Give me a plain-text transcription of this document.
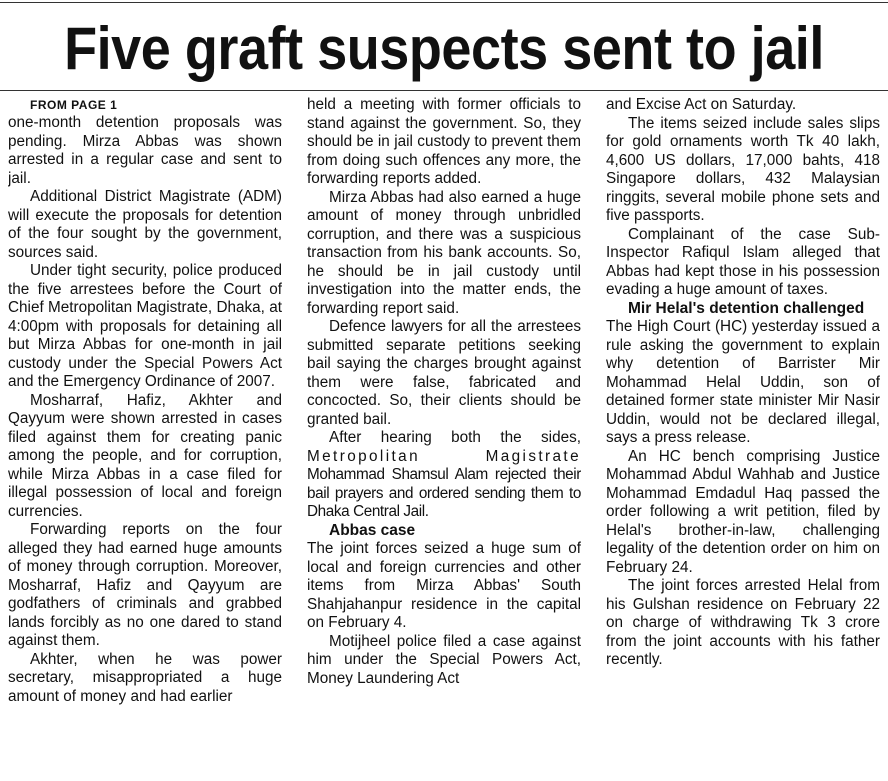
Five graft suspects sent to jail

FROM PAGE 1

one-month detention proposals was pending. Mirza Abbas was shown arrested in a regular case and sent to jail.

Additional District Magistrate (ADM) will execute the proposals for detention of the four sought by the government, sources said.

Under tight security, police produced the five arrestees before the Court of Chief Metropolitan Magistrate, Dhaka, at 4:00pm with proposals for detaining all but Mirza Abbas for one-month in jail custody under the Special Powers Act and the Emergency Ordinance of 2007.

Mosharraf, Hafiz, Akhter and Qayyum were shown arrested in cases filed against them for creating panic among the people, and for corruption, while Mirza Abbas in a case filed for illegal possession of local and foreign currencies.

Forwarding reports on the four alleged they had earned huge amounts of money through corruption. Moreover, Mosharraf, Hafiz and Qayyum are godfathers of criminals and grabbed lands forcibly as no one dared to stand against them.

Akhter, when he was power secretary, misappropriated a huge amount of money and had earlier

held a meeting with former officials to stand against the government. So, they should be in jail custody to prevent them from doing such offences any more, the forwarding reports added.

Mirza Abbas had also earned a huge amount of money through unbridled corruption, and there was a suspicious transaction from his bank accounts. So, he should be in jail custody until investigation into the matter ends, the forwarding report said.

Defence lawyers for all the arrestees submitted separate petitions seeking bail saying the charges brought against them were false, fabricated and concocted. So, their clients should be granted bail.

After hearing both the sides, Metropolitan Magistrate Mohammad Shamsul Alam rejected their bail prayers and ordered sending them to Dhaka Central Jail.

Abbas case

The joint forces seized a huge sum of local and foreign currencies and other items from Mirza Abbas' South Shahjahanpur residence in the capital on February 4.

Motijheel police filed a case against him under the Special Powers Act, Money Laundering Act

and Excise Act on Saturday.

The items seized include sales slips for gold ornaments worth Tk 40 lakh, 4,600 US dollars, 17,000 bahts, 418 Singapore dollars, 432 Malaysian ringgits, several mobile phone sets and five passports.

Complainant of the case Sub-Inspector Rafiqul Islam alleged that Abbas had kept those in his possession evading a huge amount of taxes.

Mir Helal's detention challenged

The High Court (HC) yesterday issued a rule asking the government to explain why detention of Barrister Mir Mohammad Helal Uddin, son of detained former state minister Mir Nasir Uddin, would not be declared illegal, says a press release.

An HC bench comprising Justice Mohammad Abdul Wahhab and Justice Mohammad Emdadul Haq passed the order following a writ petition, filed by Helal's brother-in-law, challenging legality of the detention order on him on February 24.

The joint forces arrested Helal from his Gulshan residence on February 22 on charge of withdrawing Tk 3 crore from the joint accounts with his father recently.
